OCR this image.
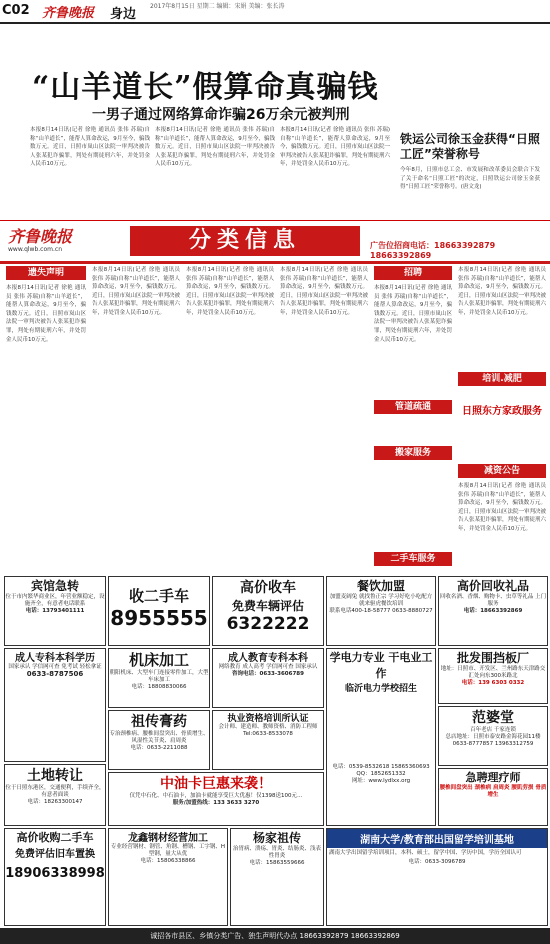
C02 齐鲁晚报 身边
2017年8月15日 星期二 编辑：宋娟 美编：张长涛
“山羊道长”假算命真骗钱
一男子通过网络算命诈骗26万余元被判刑
本报8月14日讯(记者 徐艳 通讯员 张伟 苏瑞)自称“山羊道长”，能帮人算命改运，9月至今，骗钱数万元。近日，日照市岚山区法院一审判决被告人张某犯诈骗罪，判处有期徒刑六年，并处罚金人民币10万元。
本报8月14日讯(记者 徐艳 通讯员 张伟 苏瑞)自称“山羊道长”，能帮人算命改运，9月至今，骗钱数万元。近日，日照市岚山区法院一审判决被告人张某犯诈骗罪，判处有期徒刑六年，并处罚金人民币10万元。
本报8月14日讯(记者 徐艳 通讯员 张伟 苏瑞)自称“山羊道长”，能帮人算命改运，9月至今，骗钱数万元。近日，日照市岚山区法院一审判决被告人张某犯诈骗罪，判处有期徒刑六年，并处罚金人民币10万元。
铁运公司徐玉金获得“日照工匠”荣誉称号
今年8月，日照市总工会、市发展和改革委员会联合下发了关于命名“日照工匠”的决定，日照铁运公司徐玉金获得“日照工匠”荣誉称号。(唐文龙)
齐鲁晚报
www.qlwb.com.cn	分类信息	广告位招商电话：18663392879 18663392869
遗失声明
本报8月14日讯(记者 徐艳 通讯员 张伟 苏瑞)自称“山羊道长”，能帮人算命改运，9月至今，骗钱数万元。近日，日照市岚山区法院一审判决被告人张某犯诈骗罪，判处有期徒刑六年，并处罚金人民币10万元。
本报8月14日讯(记者 徐艳 通讯员 张伟 苏瑞)自称“山羊道长”，能帮人算命改运，9月至今，骗钱数万元。近日，日照市岚山区法院一审判决被告人张某犯诈骗罪，判处有期徒刑六年，并处罚金人民币10万元。
本报8月14日讯(记者 徐艳 通讯员 张伟 苏瑞)自称“山羊道长”，能帮人算命改运，9月至今，骗钱数万元。近日，日照市岚山区法院一审判决被告人张某犯诈骗罪，判处有期徒刑六年，并处罚金人民币10万元。
本报8月14日讯(记者 徐艳 通讯员 张伟 苏瑞)自称“山羊道长”，能帮人算命改运，9月至今，骗钱数万元。近日，日照市岚山区法院一审判决被告人张某犯诈骗罪，判处有期徒刑六年，并处罚金人民币10万元。
招聘
本报8月14日讯(记者 徐艳 通讯员 张伟 苏瑞)自称“山羊道长”，能帮人算命改运，9月至今，骗钱数万元。近日，日照市岚山区法院一审判决被告人张某犯诈骗罪，判处有期徒刑六年，并处罚金人民币10万元。
管道疏通
搬家服务
二手车服务
本报8月14日讯(记者 徐艳 通讯员 张伟 苏瑞)自称“山羊道长”，能帮人算命改运，9月至今，骗钱数万元。近日，日照市岚山区法院一审判决被告人张某犯诈骗罪，判处有期徒刑六年，并处罚金人民币10万元。
培训.减肥
日照东方家政服务
减资公告
本报8月14日讯(记者 徐艳 通讯员 张伟 苏瑞)自称“山羊道长”，能帮人算命改运，9月至今，骗钱数万元。近日，日照市岚山区法院一审判决被告人张某犯诈骗罪，判处有期徒刑六年，并处罚金人民币10万元。
宾馆急转
位于市内繁华商业区，年营业额稳定，设施齐全，有意者电话联系
电话：13793401111
收二手车
8955555
高价收车
免费车辆评估
6322222
餐饮加盟
加盟麦阔兔 就找鲁正宗 学习好吃小吃配方 就来驱虎餐饮培训
联系电话400-18-58777 0633-8880727
高价回收礼品
回收名酒、香烟、购物卡、虫草等礼品 上门服务
电话：18663392869
成人专科本科学历
国家承认 学信网可查 免考试 轻松拿证
0633-8787506
机床加工
朝阳机床、大型车门连接零件加工，大型车床加工
电话：18808830066
祖传膏药
专治颈椎病、腰椎间盘突出、骨质增生、风湿性关节炎、肩周炎
电话：0633-2211088
成人教育专科本科
网络教育 成人高考 学信网可查 国家承认
咨询电话：0633-3606789
执业资格培训所认证
会计师、建造师、教师资格、消防工程师
Tel:0633-8533078
学电力专业 干电业工作
临沂电力学校招生
电话：0539-8532618 15865360693
QQ：1852651332
网址：www.lydlxx.org
批发围挡板厂
地址：日照市、开发区、兰州路东天津路交汇处向东300米路北
电话：139 6303 0332
范婆堂
百年老店 千家连锁
总店地址：日照市泰安路金海花园11楼
0633-8777857 13963312759
急聘理疗师
腰椎间盘突出 颈椎病 肩周炎 腰肌劳损 骨质增生
土地转让
位于日照东港区，交通便利，手续齐全，有意者面谈
电话：18263300147
中油卡巨惠来袭！
仅凭中石化、中石油卡，加油卡就能享受巨大优惠！仅1398送100元…
服务/加盟热线：133 3633 3270
高价收购二手车
免费评估旧车置换
18906338998
龙鑫钢材经营加工
专业经营钢材、钢管、角钢、槽钢、工字钢、H型钢，量大从优
电话：15806338866
杨家祖传
治胃病、溃疡、胃炎、结肠炎、浅表性胃炎
电话：15863559666
湖南大学/教育部出国留学培训基地
湖南大学出国留学培训项目，本科、硕士，留学中国、学历中国，学历全国认可
电话：0633-3096789
诚招各市县区、乡镇分类广告、独生声明代办点 18663392879 18663392869
